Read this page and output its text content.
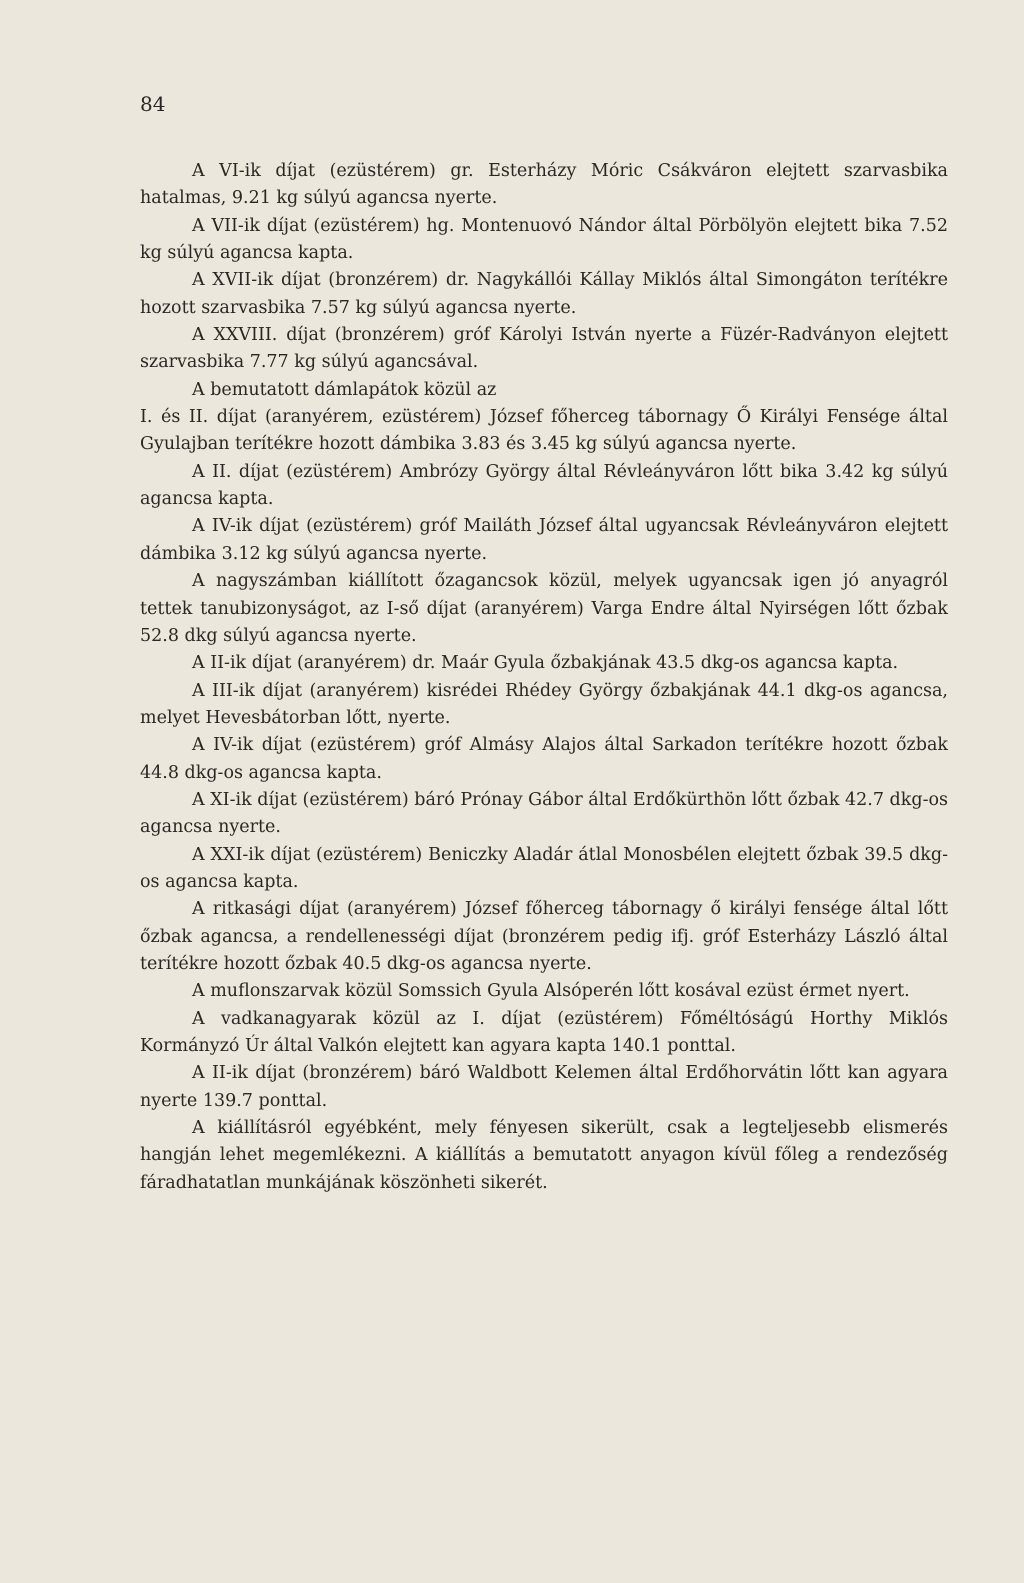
84

A VI-ik díjat (ezüstérem) gr. Esterházy Móric Csákváron elejtett szarvasbika hatalmas, 9.21 kg súlyú agancsa nyerte.

A VII-ik díjat (ezüstérem) hg. Montenuovó Nándor által Pörbölyön elejtett bika 7.52 kg súlyú agancsa kapta.

A XVII-ik díjat (bronzérem) dr. Nagykállói Kállay Miklós által Simongáton terítékre hozott szarvasbika 7.57 kg súlyú agancsa nyerte.

A XXVIII. díjat (bronzérem) gróf Károlyi István nyerte a Füzér-Radványon elejtett szarvasbika 7.77 kg súlyú agancsával.

A bemutatott dámlapátok közül az

I. és II. díjat (aranyérem, ezüstérem) József főherceg tábornagy Ő Királyi Fensége által Gyulajban terítékre hozott dámbika 3.83 és 3.45 kg súlyú agancsa nyerte.

A II. díjat (ezüstérem) Ambrózy György által Révleányváron lőtt bika 3.42 kg súlyú agancsa kapta.

A IV-ik díjat (ezüstérem) gróf Mailáth József által ugyancsak Révleányváron elejtett dámbika 3.12 kg súlyú agancsa nyerte.

A nagyszámban kiállított őzagancsok közül, melyek ugyancsak igen jó anyagról tettek tanubizonyságot, az I-ső díjat (aranyérem) Varga Endre által Nyirségen lőtt őzbak 52.8 dkg súlyú agancsa nyerte.

A II-ik díjat (aranyérem) dr. Maár Gyula őzbakjának 43.5 dkg-os agancsa kapta.

A III-ik díjat (aranyérem) kisrédei Rhédey György őzbakjának 44.1 dkg-os agancsa, melyet Hevesbátorban lőtt, nyerte.

A IV-ik díjat (ezüstérem) gróf Almásy Alajos által Sarkadon terítékre hozott őzbak 44.8 dkg-os agancsa kapta.

A XI-ik díjat (ezüstérem) báró Prónay Gábor által Erdőkürthön lőtt őzbak 42.7 dkg-os agancsa nyerte.

A XXI-ik díjat (ezüstérem) Beniczky Aladár átlal Monosbélen elejtett őzbak 39.5 dkg-os agancsa kapta.

A ritkasági díjat (aranyérem) József főherceg tábornagy ő királyi fensége által lőtt őzbak agancsa, a rendellenességi díjat (bronzérem pedig ifj. gróf Esterházy László által terítékre hozott őzbak 40.5 dkg-os agancsa nyerte.

A muflonszarvak közül Somssich Gyula Alsóperén lőtt kosával ezüst érmet nyert.

A vadkanagyarak közül az I. díjat (ezüstérem) Főméltóságú Horthy Miklós Kormányzó Úr által Valkón elejtett kan agyara kapta 140.1 ponttal.

A II-ik díjat (bronzérem) báró Waldbott Kelemen által Erdőhorvátin lőtt kan agyara nyerte 139.7 ponttal.

A kiállításról egyébként, mely fényesen sikerült, csak a legteljesebb elismerés hangján lehet megemlékezni. A kiállítás a bemutatott anyagon kívül főleg a rendezőség fáradhatatlan munkájának köszönheti sikerét.
